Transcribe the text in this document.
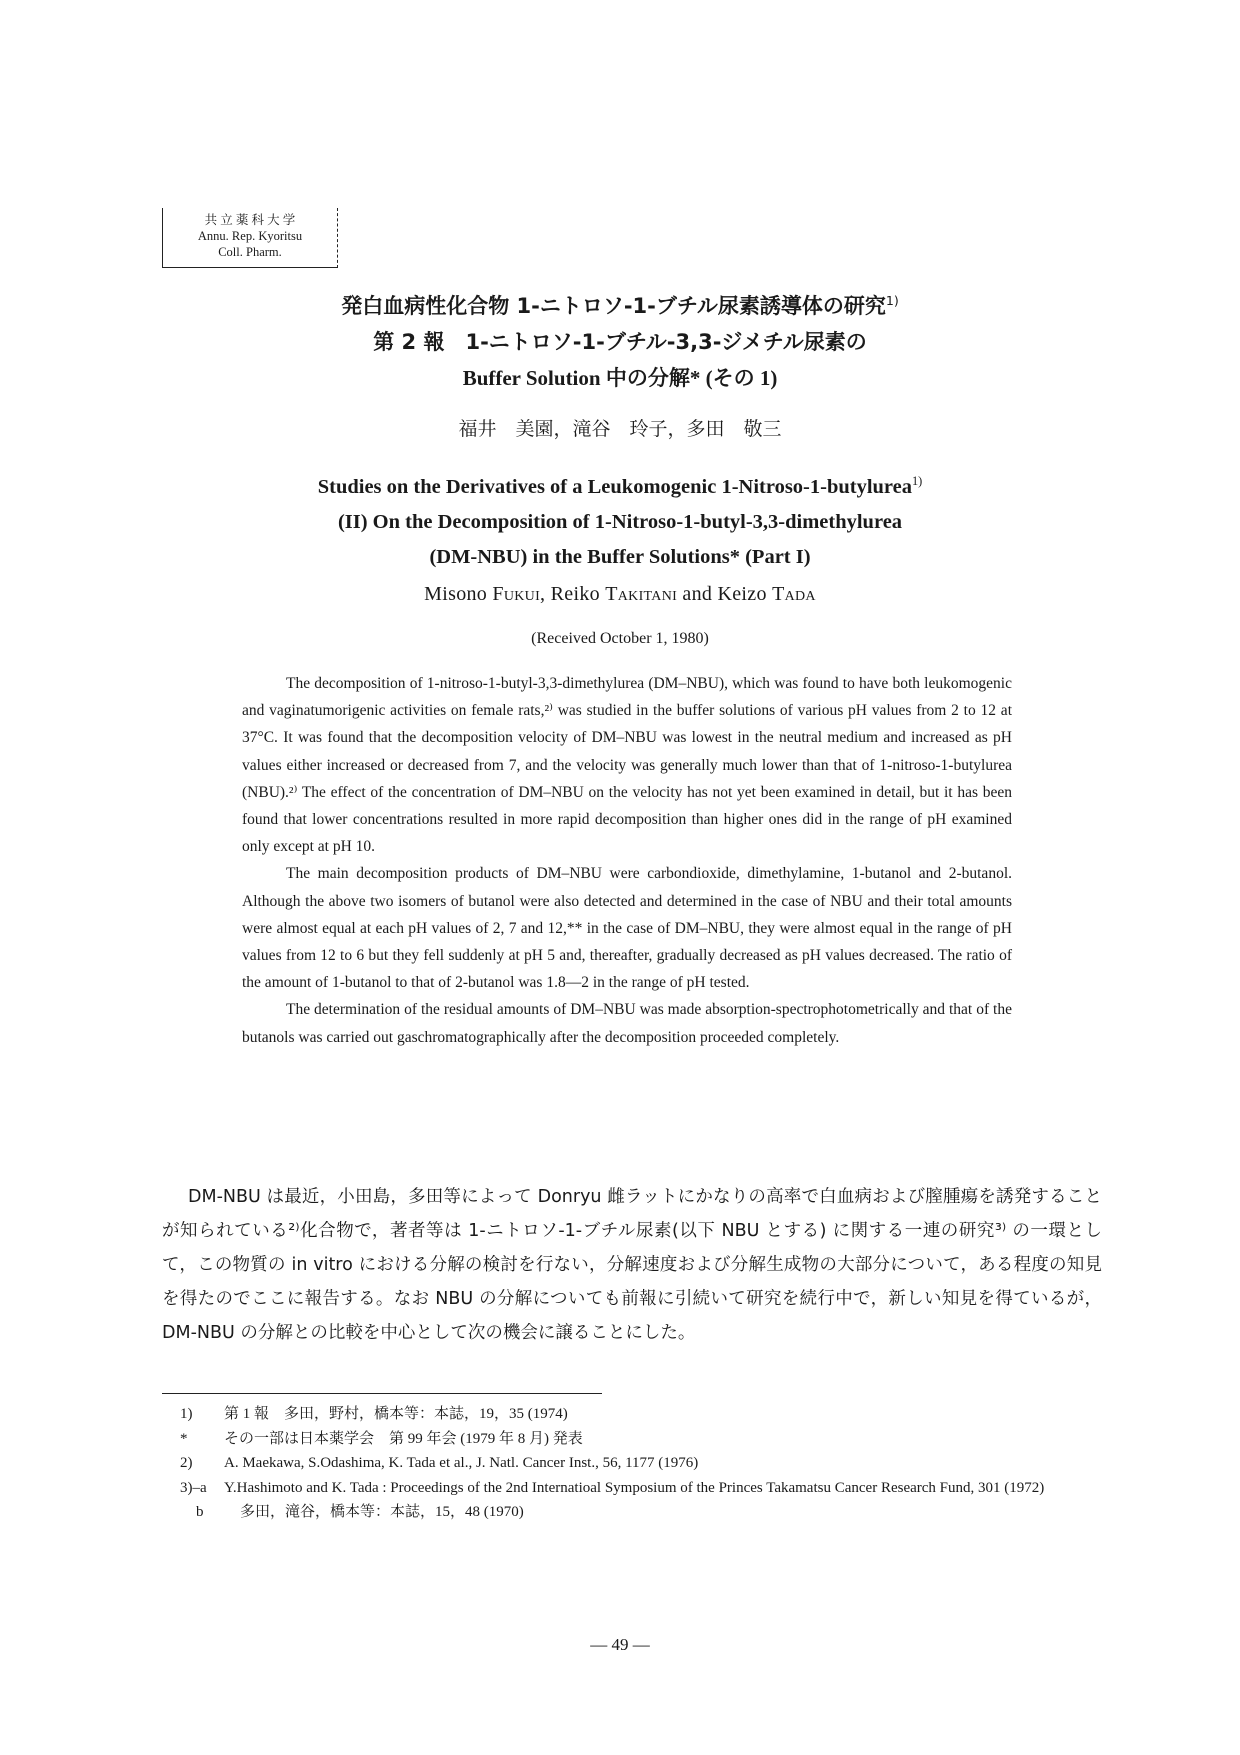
共 立 薬 科 大 学
Annu. Rep. Kyoritsu
Coll. Pharm.
発白血病性化合物 1-ニトロソ-1-ブチル尿素誘導体の研究$^{1)}$
第 2 報　1-ニトロソ-1-ブチル-3,3-ジメチル尿素の
Buffer Solution 中の分解* (その 1)
福井　美園，滝谷　玲子，多田　敬三
Studies on the Derivatives of a Leukomogenic 1-Nitroso-1-butylurea$^{1)}$
(II) On the Decomposition of 1-Nitroso-1-butyl-3,3-dimethylurea
(DM-NBU) in the Buffer Solutions* (Part I)
Misono Fukui, Reiko Takitani and Keizo Tada
(Received October 1, 1980)

The decomposition of 1-nitroso-1-butyl-3,3-dimethylurea (DM–NBU), which was found to have both leukomogenic and vaginatumorigenic activities on female rats,²⁾ was studied in the buffer solutions of various pH values from 2 to 12 at 37°C. It was found that the decomposition velocity of DM–NBU was lowest in the neutral medium and increased as pH values either increased or decreased from 7, and the velocity was generally much lower than that of 1-nitroso-1-butylurea (NBU).²⁾ The effect of the concentration of DM–NBU on the velocity has not yet been examined in detail, but it has been found that lower concentrations resulted in more rapid decomposition than higher ones did in the range of pH examined only except at pH 10.

The main decomposition products of DM–NBU were carbondioxide, dimethylamine, 1-butanol and 2-butanol. Although the above two isomers of butanol were also detected and determined in the case of NBU and their total amounts were almost equal at each pH values of 2, 7 and 12,** in the case of DM–NBU, they were almost equal in the range of pH values from 12 to 6 but they fell suddenly at pH 5 and, thereafter, gradually decreased as pH values decreased. The ratio of the amount of 1-butanol to that of 2-butanol was 1.8—2 in the range of pH tested.

The determination of the residual amounts of DM–NBU was made absorption-spectrophotometrically and that of the butanols was carried out gaschromatographically after the decomposition proceeded completely.

DM-NBU は最近，小田島，多田等によって Donryu 雌ラットにかなりの高率で白血病および膣腫瘍を誘発することが知られている²⁾化合物で，著者等は 1-ニトロソ-1-ブチル尿素(以下 NBU とする) に関する一連の研究³⁾ の一環として，この物質の in vitro における分解の検討を行ない，分解速度および分解生成物の大部分について，ある程度の知見を得たのでここに報告する。なお NBU の分解についても前報に引続いて研究を続行中で，新しい知見を得ているが，DM-NBU の分解との比較を中心として次の機会に譲ることにした。

1) 第 1 報　多田，野村，橋本等：本誌，19，35 (1974)
* その一部は日本薬学会　第 99 年会 (1979 年 8 月) 発表
2) A. Maekawa, S.Odashima, K. Tada et al., J. Natl. Cancer Inst., 56, 1177 (1976)
3)–a Y.Hashimoto and K. Tada : Proceedings of the 2nd Internatioal Symposium of the Princes Takamatsu Cancer Research Fund, 301 (1972)
b 多田，滝谷，橋本等：本誌，15，48 (1970)
— 49 —
